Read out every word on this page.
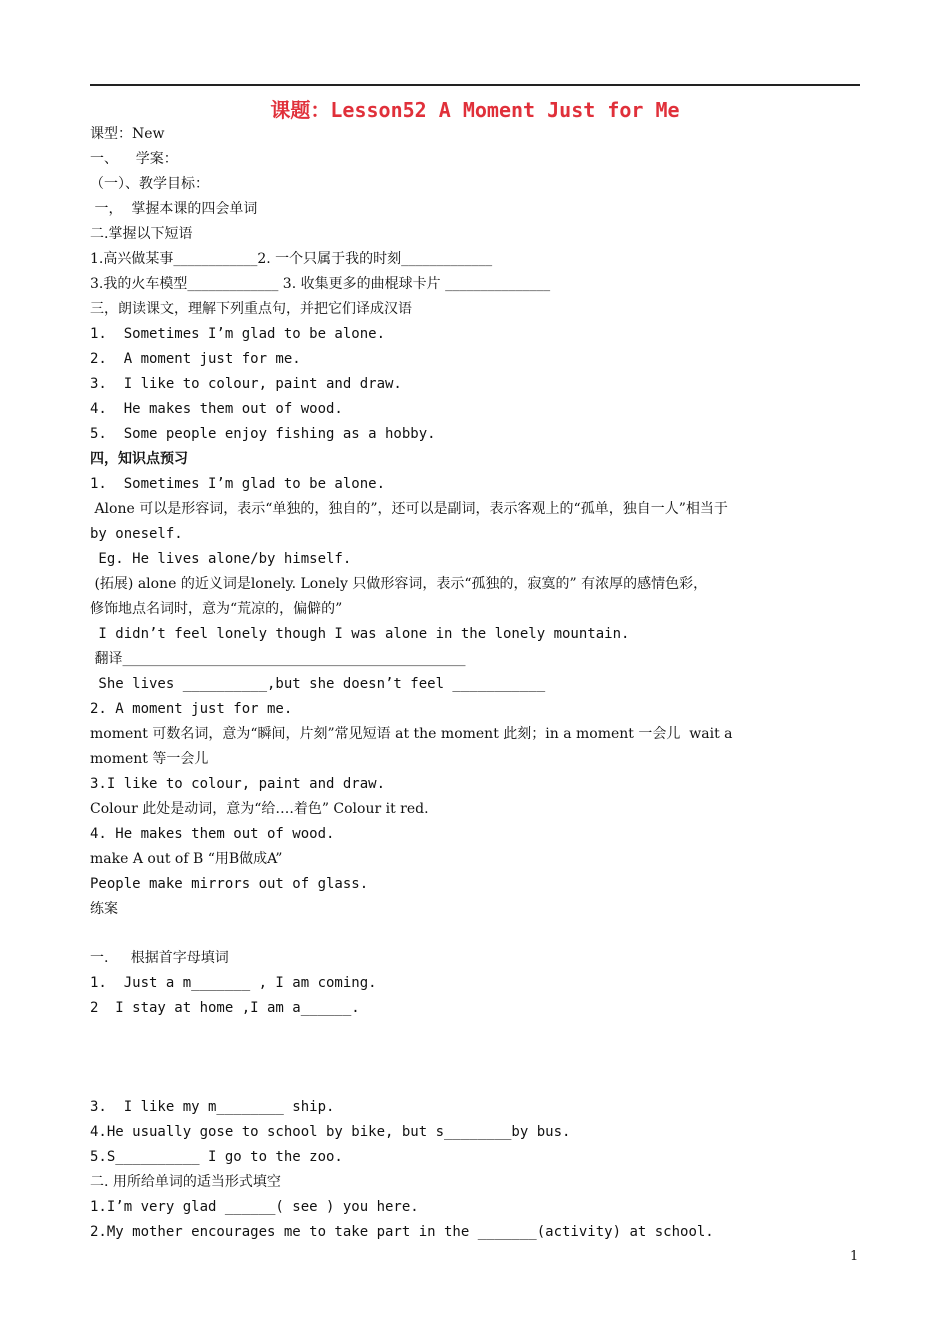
课题：Lesson52 A Moment Just for Me
课型：New
一、    学案：
（一）、教学目标：
一，  掌握本课的四会单词
二.掌握以下短语
1.高兴做某事____________2. 一个只属于我的时刻_____________
3.我的火车模型_____________ 3. 收集更多的曲棍球卡片 _______________
三，朗读课文，理解下列重点句，并把它们译成汉语
1.  Sometimes I’m glad to be alone.
2.  A moment just for me.
3.  I like to colour, paint and draw.
4.  He makes them out of wood.
5.  Some people enjoy fishing as a hobby.
四，知识点预习
1.  Sometimes I’m glad to be alone.
Alone 可以是形容词，表示“单独的，独自的”，还可以是副词，表示客观上的“孤单，独自一人”相当于
by oneself.
Eg. He lives alone/by himself.
(拓展) alone 的近义词是lonely. Lonely 只做形容词，表示“孤独的，寂寞的” 有浓厚的感情色彩，
修饰地点名词时，意为“荒凉的，偏僻的”
I didn’t feel lonely though I was alone in the lonely mountain.
翻译_________________________________________________
She lives __________,but she doesn’t feel ___________
2. A moment just for me.
moment 可数名词，意为“瞬间，片刻”常见短语 at the moment 此刻；in a moment 一会儿  wait a
moment 等一会儿
3.I like to colour, paint and draw.
Colour 此处是动词，意为“给….着色” Colour it red.
4. He makes them out of wood.
make A out of B “用B做成A”
People make mirrors out of glass.
练案
一.     根据首字母填词
1.  Just a m_______ , I am coming.
2  I stay at home ,I am a______.
3.  I like my m________ ship.
4.He usually gose to school by bike, but s________by bus.
5.S__________ I go to the zoo.
二. 用所给单词的适当形式填空
1.I’m very glad ______( see ) you here.
2.My mother encourages me to take part in the _______(activity) at school.
1
